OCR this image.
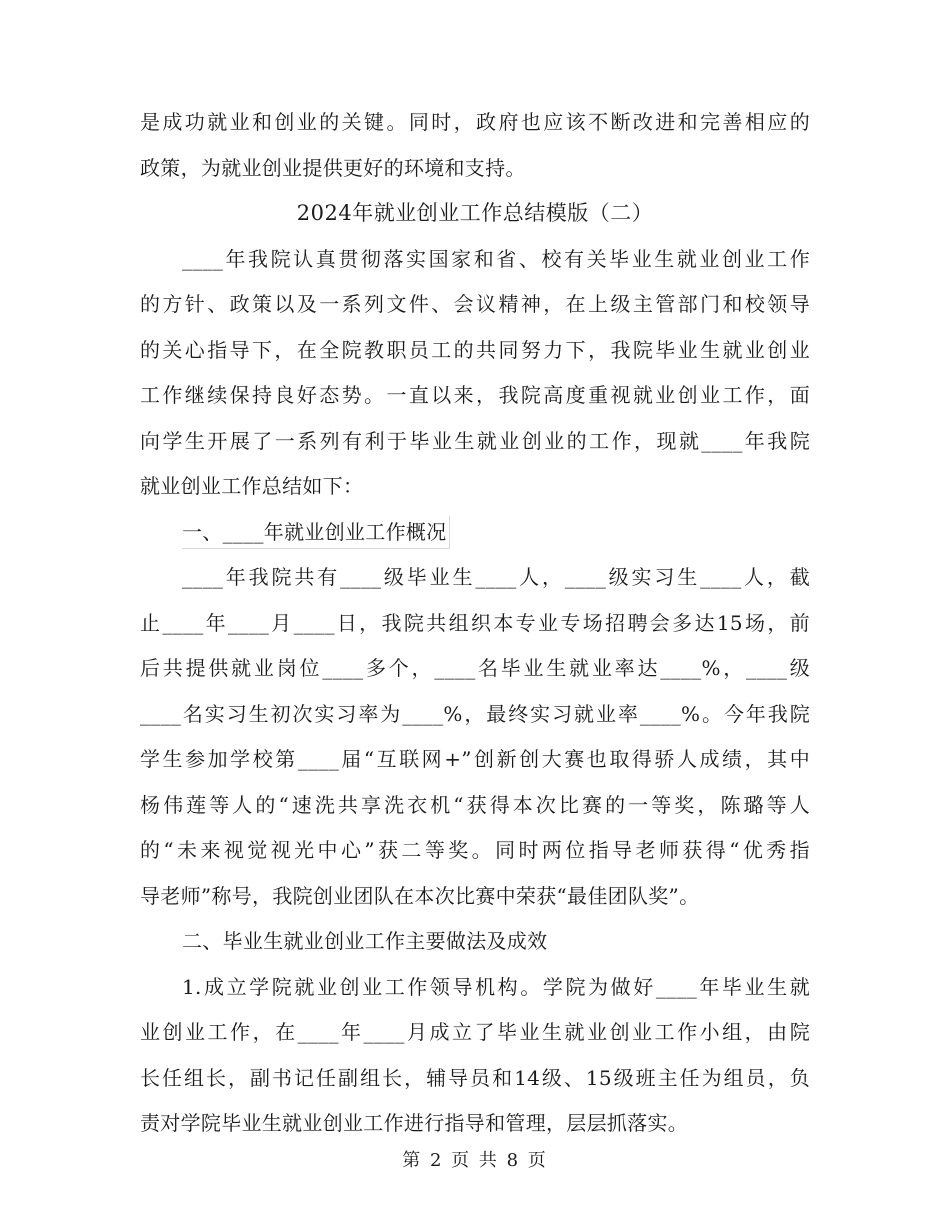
是成功就业和创业的关键。同时，政府也应该不断改进和完善相应的
政策，为就业创业提供更好的环境和支持。
2024年就业创业工作总结模版（二）
____年我院认真贯彻落实国家和省、校有关毕业生就业创业工作
的方针、政策以及一系列文件、会议精神，在上级主管部门和校领导
的关心指导下，在全院教职员工的共同努力下，我院毕业生就业创业
工作继续保持良好态势。一直以来，我院高度重视就业创业工作，面
向学生开展了一系列有利于毕业生就业创业的工作，现就____年我院
就业创业工作总结如下：
一、____年就业创业工作概况
____年我院共有____级毕业生____人，____级实习生____人，截
止____年____月____日，我院共组织本专业专场招聘会多达15场，前
后共提供就业岗位____多个，____名毕业生就业率达____%，____级
____名实习生初次实习率为____%，最终实习就业率____%。今年我院
学生参加学校第____届“互联网+”创新创大赛也取得骄人成绩，其中
杨伟莲等人的“速洗共享洗衣机“获得本次比赛的一等奖，陈璐等人
的“未来视觉视光中心”获二等奖。同时两位指导老师获得“优秀指
导老师”称号，我院创业团队在本次比赛中荣获“最佳团队奖”。
二、毕业生就业创业工作主要做法及成效
1.成立学院就业创业工作领导机构。学院为做好____年毕业生就
业创业工作，在____年____月成立了毕业生就业创业工作小组，由院
长任组长，副书记任副组长，辅导员和14级、15级班主任为组员，负
责对学院毕业生就业创业工作进行指导和管理，层层抓落实。
第 2 页 共 8 页
